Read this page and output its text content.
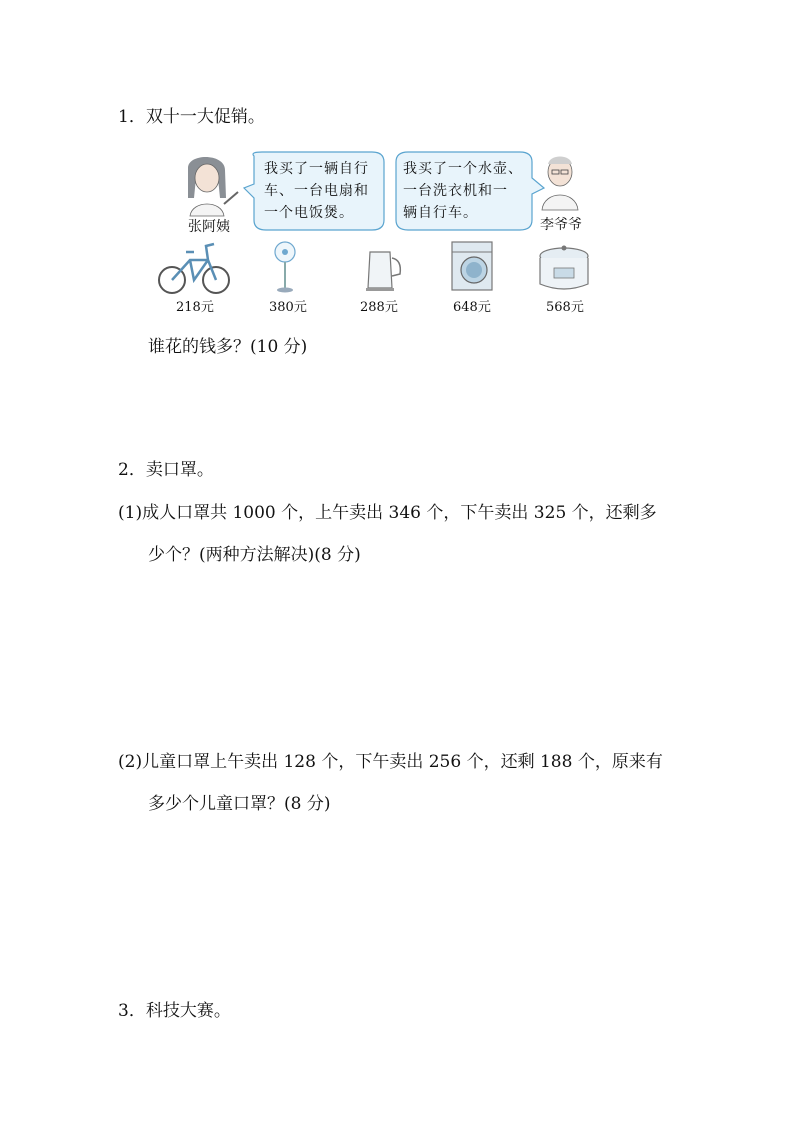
1．双十一大促销。
张阿姨
我买了一辆自行
车、一台电扇和
一个电饭煲。
我买了一个水壶、
一台洗衣机和一
辆自行车。
李爷爷
218元	380元	288元	648元	568元
谁花的钱多？(10 分)
2．卖口罩。
(1)成人口罩共 1000 个，上午卖出 346 个，下午卖出 325 个，还剩多
少个？(两种方法解决)(8 分)
(2)儿童口罩上午卖出 128 个，下午卖出 256 个，还剩 188 个，原来有
多少个儿童口罩？(8 分)
3．科技大赛。
